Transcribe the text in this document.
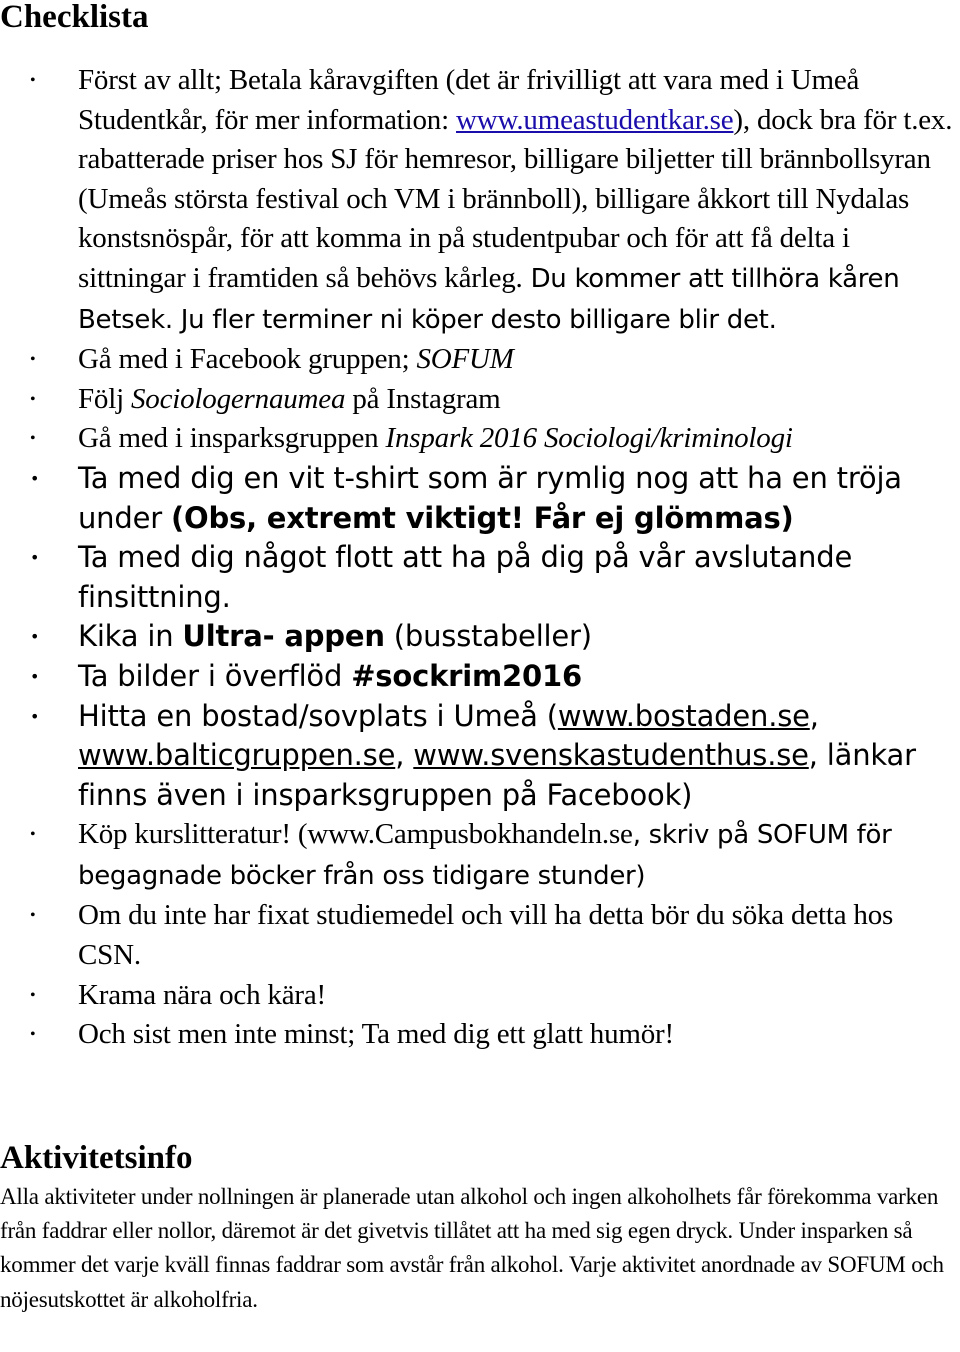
Checklista
• Först av allt; Betala kåravgiften (det är frivilligt att vara med i Umeå Studentkår, för mer information: www.umeastudentkar.se), dock bra för t.ex. rabatterade priser hos SJ för hemresor, billigare biljetter till brännbollsyran (Umeås största festival och VM i brännboll), billigare åkkort till Nydalas konstsnöspår, för att komma in på studentpubar och för att få delta i sittningar i framtiden så behövs kårleg. Du kommer att tillhöra kåren Betsek. Ju fler terminer ni köper desto billigare blir det.
• Gå med i Facebook gruppen; SOFUM
• Följ Sociologernaumea på Instagram
• Gå med i insparksgruppen Inspark 2016 Sociologi/kriminologi
• Ta med dig en vit t-shirt som är rymlig nog att ha en tröja under (Obs, extremt viktigt! Får ej glömmas)
• Ta med dig något flott att ha på dig på vår avslutande finsittning.
• Kika in Ultra- appen (busstabeller)
• Ta bilder i överflöd #sockrim2016
• Hitta en bostad/sovplats i Umeå (www.bostaden.se, www.balticgruppen.se, www.svenskastudenthus.se, länkar finns även i insparksgruppen på Facebook)
• Köp kurslitteratur! (www.Campusbokhandeln.se, skriv på SOFUM för begagnade böcker från oss tidigare stunder)
• Om du inte har fixat studiemedel och vill ha detta bör du söka detta hos CSN.
• Krama nära och kära!
• Och sist men inte minst; Ta med dig ett glatt humör!
Aktivitetsinfo

Alla aktiviteter under nollningen är planerade utan alkohol och ingen alkoholhets får förekomma varken från faddrar eller nollor, däremot är det givetvis tillåtet att ha med sig egen dryck. Under insparken så kommer det varje kväll finnas faddrar som avstår från alkohol. Varje aktivitet anordnade av SOFUM och nöjesutskottet är alkoholfria.
